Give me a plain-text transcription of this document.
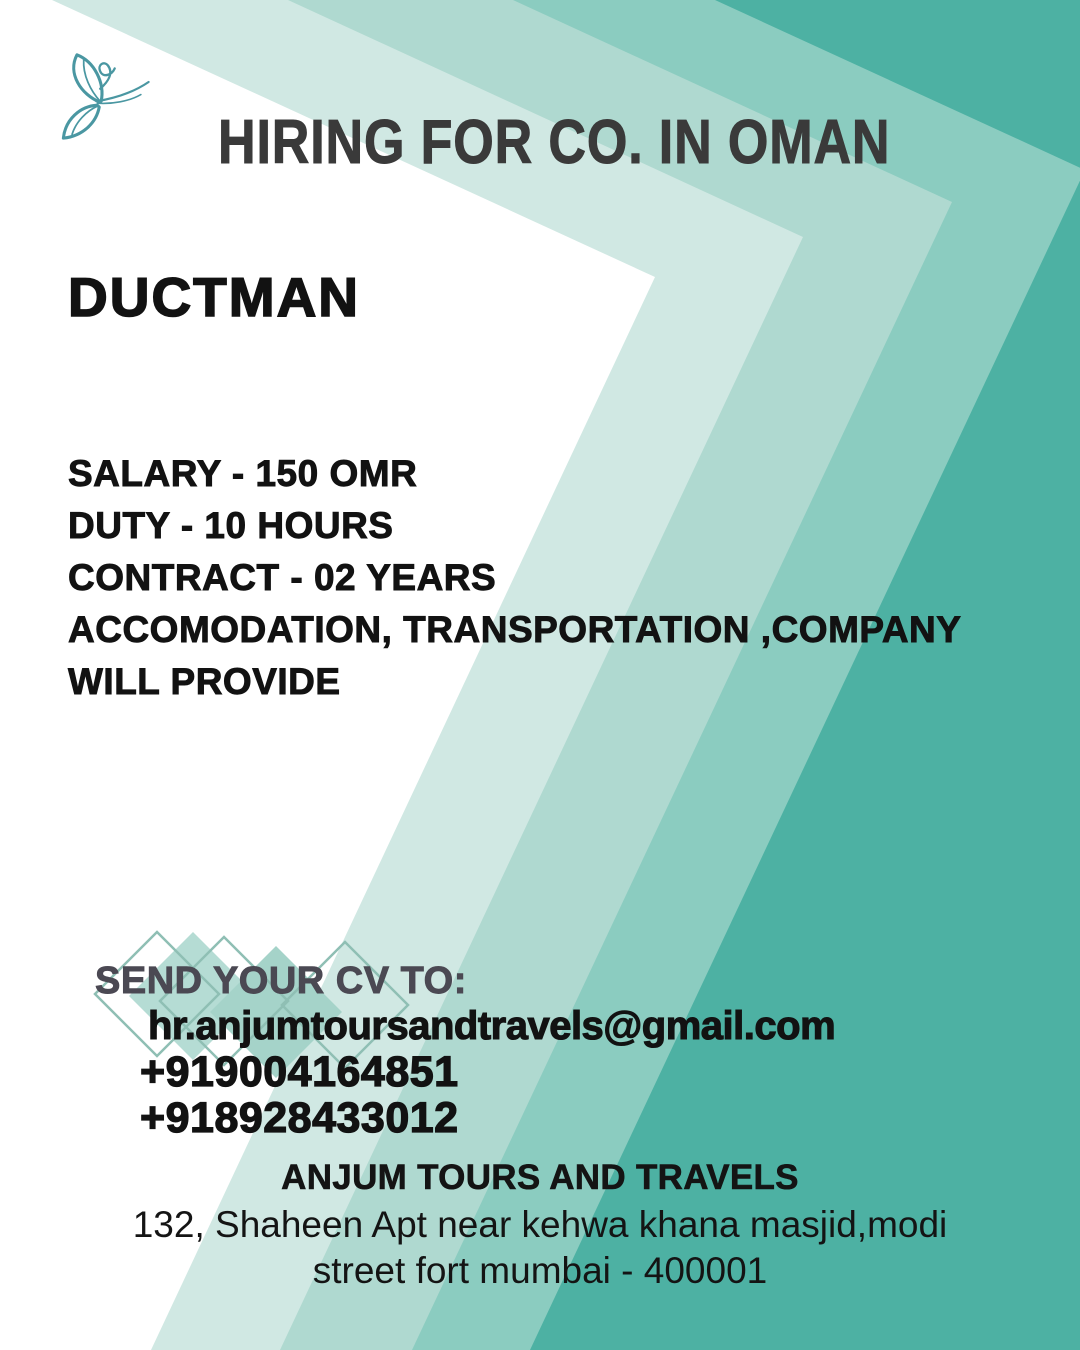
HIRING FOR CO. IN OMAN
DUCTMAN
SALARY - 150 OMR
DUTY - 10 HOURS
CONTRACT - 02 YEARS
ACCOMODATION, TRANSPORTATION ,COMPANY
WILL PROVIDE
SEND YOUR CV TO:
hr.anjumtoursandtravels@gmail.com
+919004164851
+918928433012
ANJUM TOURS AND TRAVELS
132, Shaheen Apt near kehwa khana masjid,modi
street fort mumbai - 400001
